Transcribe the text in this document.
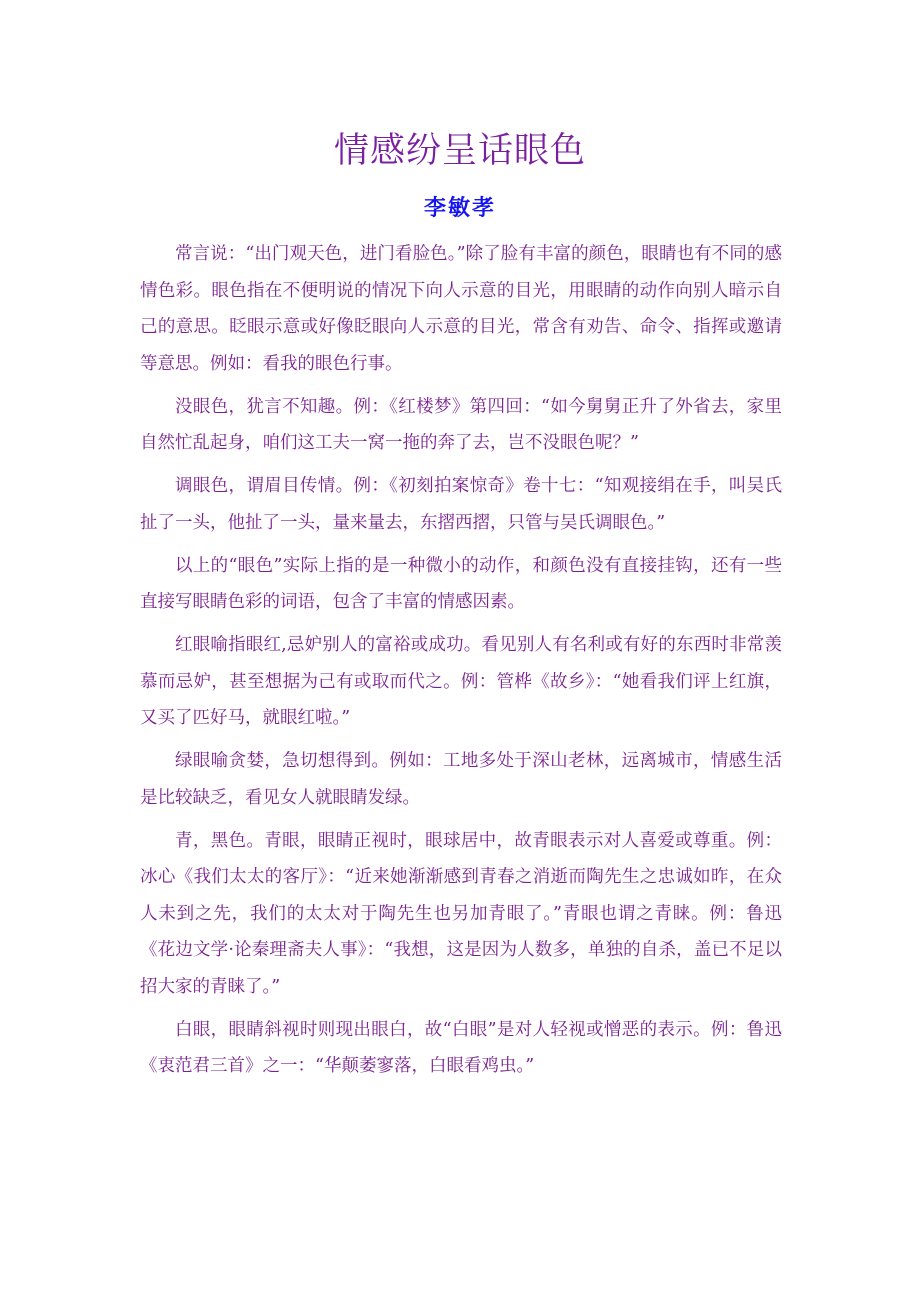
情感纷呈话眼色
李敏孝

常言说：“出门观天色，进门看脸色。”除了脸有丰富的颜色，眼睛也有不同的感情色彩。眼色指在不便明说的情况下向人示意的目光，用眼睛的动作向别人暗示自己的意思。眨眼示意或好像眨眼向人示意的目光，常含有劝告、命令、指挥或邀请等意思。例如：看我的眼色行事。

没眼色，犹言不知趣。例：《红楼梦》第四回：“如今舅舅正升了外省去，家里自然忙乱起身，咱们这工夫一窝一拖的奔了去，岂不没眼色呢？”

调眼色，谓眉目传情。例：《初刻拍案惊奇》卷十七：“知观接绢在手，叫吴氏扯了一头，他扯了一头，量来量去，东摺西摺，只管与吴氏调眼色。”

以上的“眼色”实际上指的是一种微小的动作，和颜色没有直接挂钩，还有一些直接写眼睛色彩的词语，包含了丰富的情感因素。

红眼喻指眼红,忌妒别人的富裕或成功。看见别人有名利或有好的东西时非常羡慕而忌妒，甚至想据为己有或取而代之。例：管桦《故乡》：“她看我们评上红旗，又买了匹好马，就眼红啦。”

绿眼喻贪婪，急切想得到。例如：工地多处于深山老林，远离城市，情感生活是比较缺乏，看见女人就眼睛发绿。

青，黑色。青眼，眼睛正视时，眼球居中，故青眼表示对人喜爱或尊重。例：冰心《我们太太的客厅》：“近来她渐渐感到青春之消逝而陶先生之忠诚如昨，在众人未到之先，我们的太太对于陶先生也另加青眼了。”青眼也谓之青睐。例：鲁迅《花边文学·论秦理斋夫人事》：“我想，这是因为人数多，单独的自杀，盖已不足以招大家的青睐了。”

白眼，眼睛斜视时则现出眼白，故“白眼”是对人轻视或憎恶的表示。例：鲁迅《衷范君三首》之一：“华颠萎寥落，白眼看鸡虫。”
